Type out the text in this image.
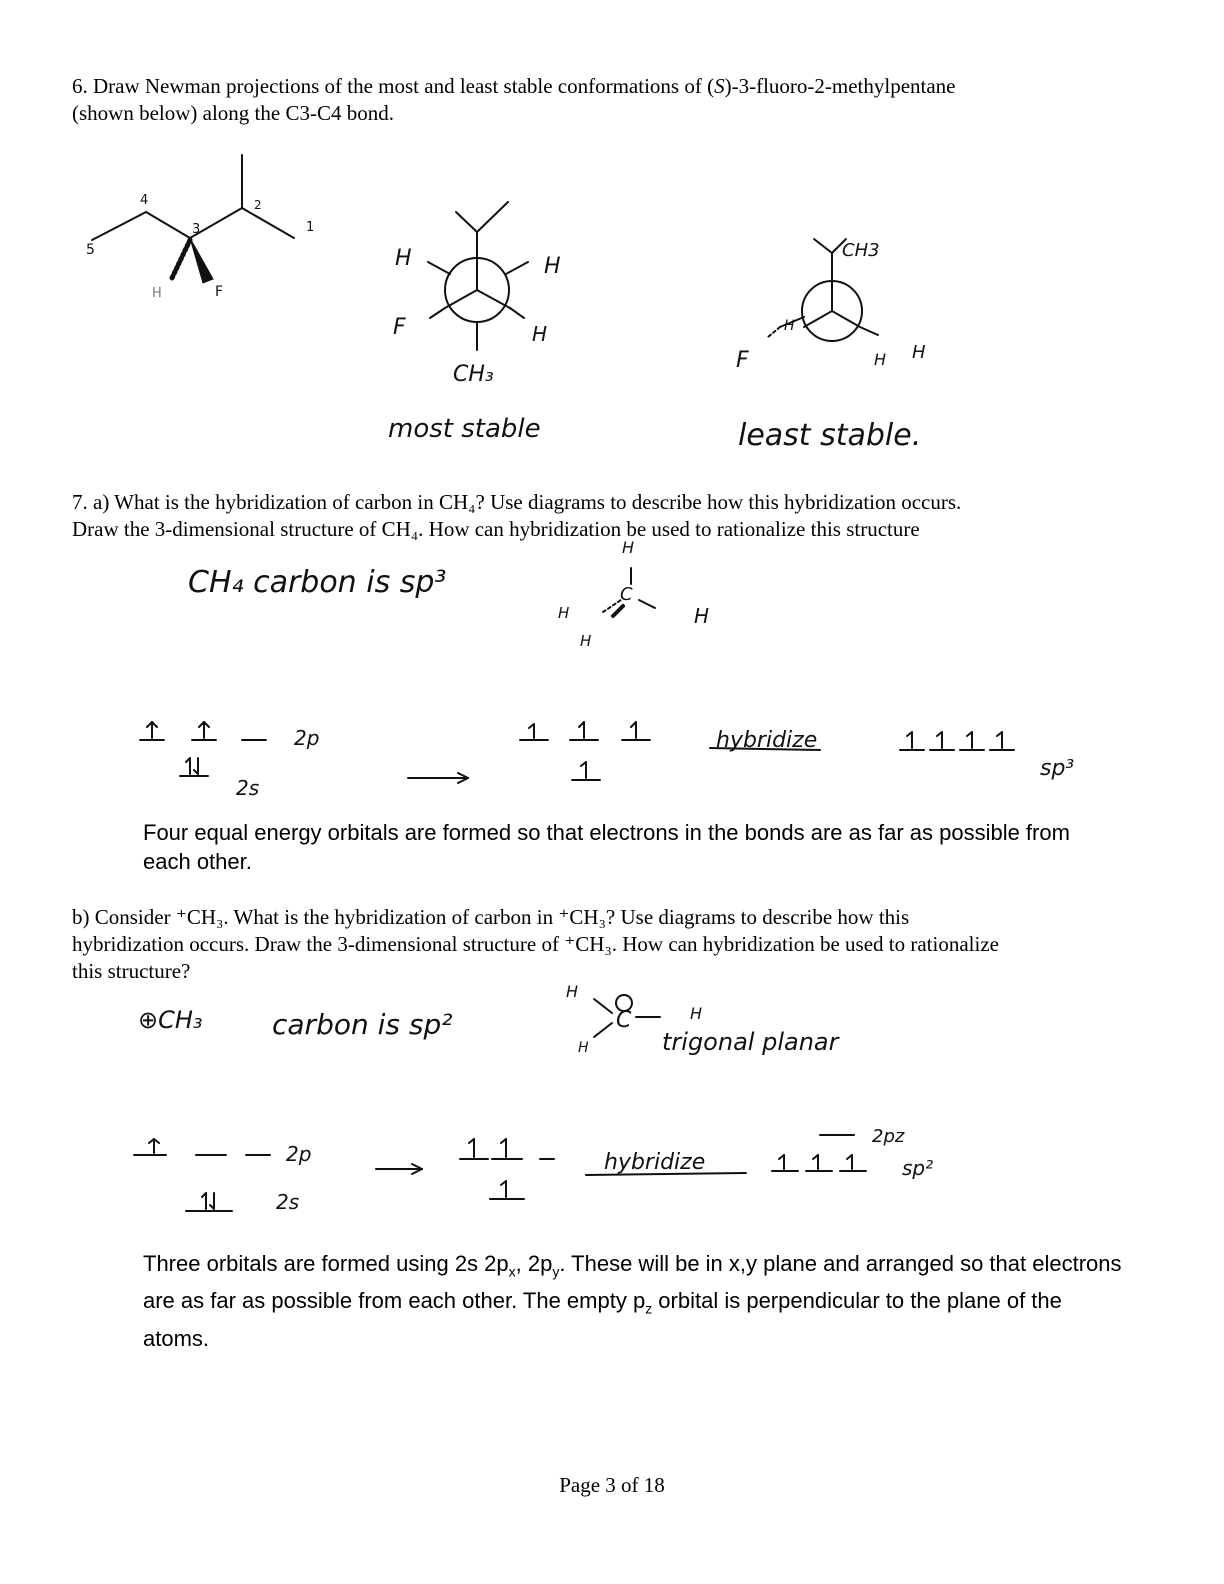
6. Draw Newman projections of the most and least stable conformations of (S)-3-fluoro-2-methylpentane
(shown below) along the C3-C4 bond.
4	2
1
3
5
H	F
H	H
F	H
CH₃
most stable
CH3
H
F	H H
least stable.
7. a) What is the hybridization of carbon in CH₄? Use diagrams to describe how this hybridization occurs.
Draw the 3-dimensional structure of CH₄. How can hybridization be used to rationalize this structure
CH₄ carbon is sp³
H
C
H	H
H
2p
2s
hybridize
sp³
Four equal energy orbitals are formed so that electrons in the bonds are as far as possible from each other.
b) Consider ⁺CH₃. What is the hybridization of carbon in ⁺CH₃? Use diagrams to describe how this
hybridization occurs. Draw the 3-dimensional structure of ⁺CH₃. How can hybridization be used to rationalize
this structure?
⊕CH₃ carbon is sp²
H
C	H
H	trigonal planar
2p
2s
hybridize
2pz
sp²
Three orbitals are formed using 2s $2p_x$, $2p_y$. These will be in x,y plane and arranged so that electrons are as far as possible from each other. The empty $p_z$ orbital is perpendicular to the plane of the atoms.
Page 3 of 18
